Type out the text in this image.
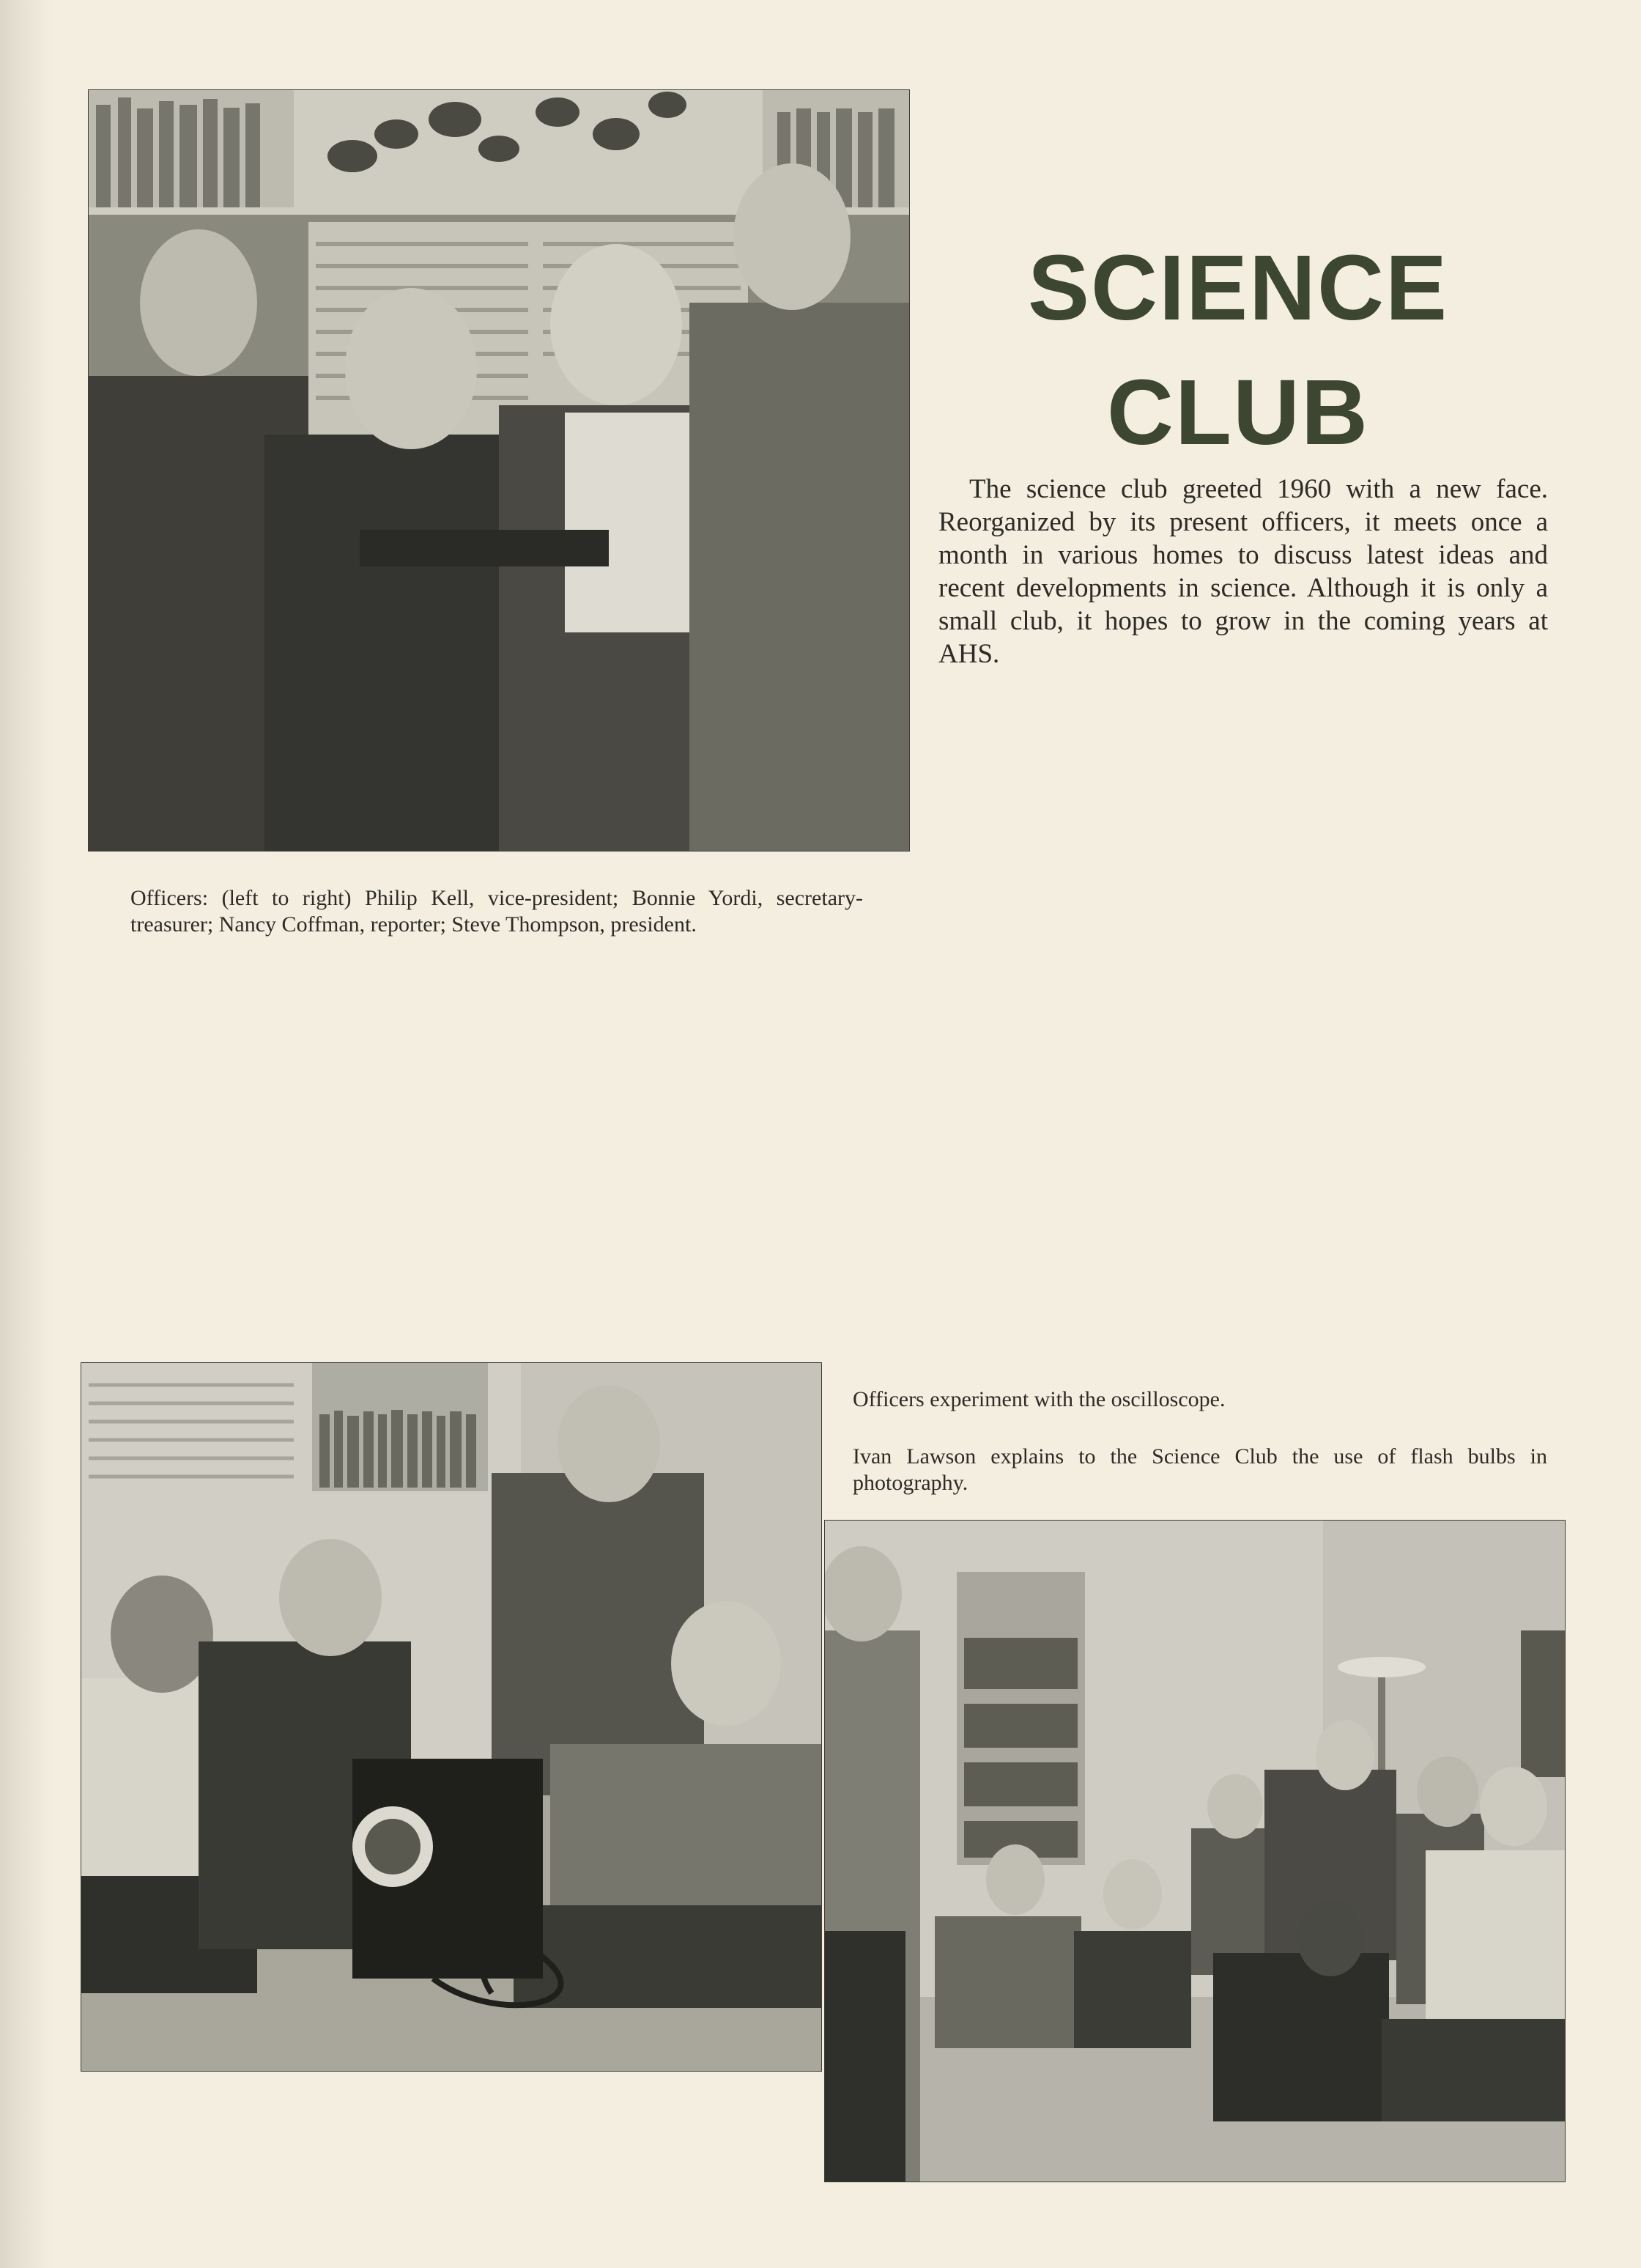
SCIENCE
CLUB

The science club greeted 1960 with a new face. Reorganized by its present officers, it meets once a month in various homes to discuss latest ideas and recent developments in science. Although it is only a small club, it hopes to grow in the coming years at AHS.

Officers: (left to right) Philip Kell, vice-president; Bonnie Yordi, secretary-treasurer; Nancy Coffman, reporter; Steve Thompson, president.

Officers experiment with the oscilloscope.

Ivan Lawson explains to the Science Club the use of flash bulbs in photography.
